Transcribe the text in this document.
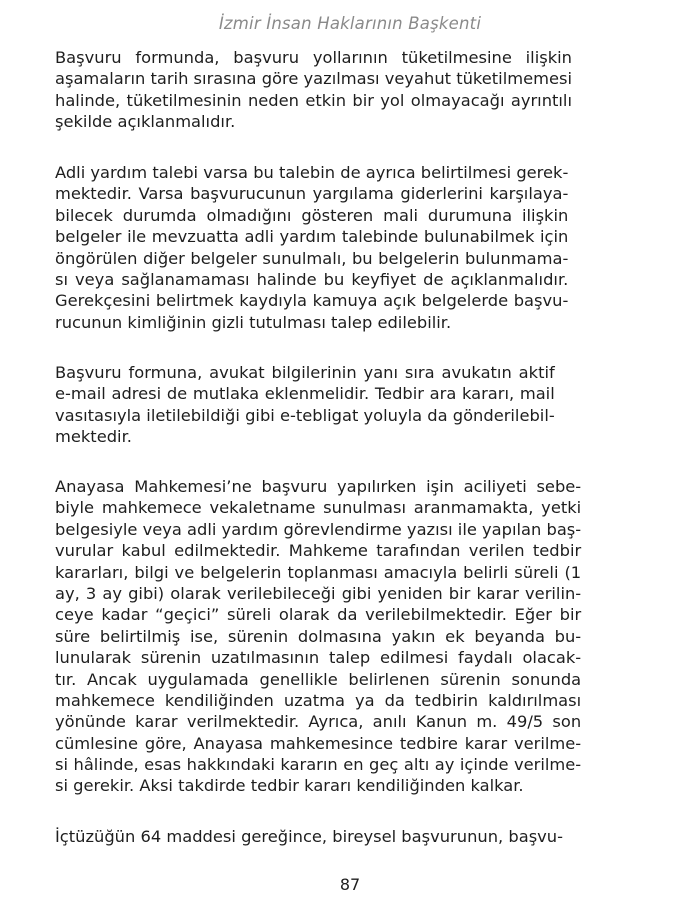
İzmir İnsan Haklarının Başkenti
Başvuru formunda, başvuru yollarının tüketilmesine ilişkin
aşamaların tarih sırasına göre yazılması veyahut tüketilmemesi
halinde, tüketilmesinin neden etkin bir yol olmayacağı ayrıntılı
şekilde açıklanmalıdır.
Adli yardım talebi varsa bu talebin de ayrıca belirtilmesi gerek-
mektedir. Varsa başvurucunun yargılama giderlerini karşılaya-
bilecek durumda olmadığını gösteren mali durumuna ilişkin
belgeler ile mevzuatta adli yardım talebinde bulunabilmek için
öngörülen diğer belgeler sunulmalı, bu belgelerin bulunmama-
sı veya sağlanamaması halinde bu keyfiyet de açıklanmalıdır.
Gerekçesini belirtmek kaydıyla kamuya açık belgelerde başvu-
rucunun kimliğinin gizli tutulması talep edilebilir.
Başvuru formuna, avukat bilgilerinin yanı sıra avukatın aktif
e-mail adresi de mutlaka eklenmelidir. Tedbir ara kararı, mail
vasıtasıyla iletilebildiği gibi e-tebligat yoluyla da gönderilebil-
mektedir.
Anayasa Mahkemesi’ne başvuru yapılırken işin aciliyeti sebe-
biyle mahkemece vekaletname sunulması aranmamakta, yetki
belgesiyle veya adli yardım görevlendirme yazısı ile yapılan baş-
vurular kabul edilmektedir. Mahkeme tarafından verilen tedbir
kararları, bilgi ve belgelerin toplanması amacıyla belirli süreli (1
ay, 3 ay gibi) olarak verilebileceği gibi yeniden bir karar verilin-
ceye kadar “geçici” süreli olarak da verilebilmektedir. Eğer bir
süre belirtilmiş ise, sürenin dolmasına yakın ek beyanda bu-
lunularak sürenin uzatılmasının talep edilmesi faydalı olacak-
tır. Ancak uygulamada genellikle belirlenen sürenin sonunda
mahkemece kendiliğinden uzatma ya da tedbirin kaldırılması
yönünde karar verilmektedir. Ayrıca, anılı Kanun m. 49/5 son
cümlesine göre, Anayasa mahkemesince tedbire karar verilme-
si hâlinde, esas hakkındaki kararın en geç altı ay içinde verilme-
si gerekir. Aksi takdirde tedbir kararı kendiliğinden kalkar.
İçtüzüğün 64 maddesi gereğince, bireysel başvurunun, başvu-
87
